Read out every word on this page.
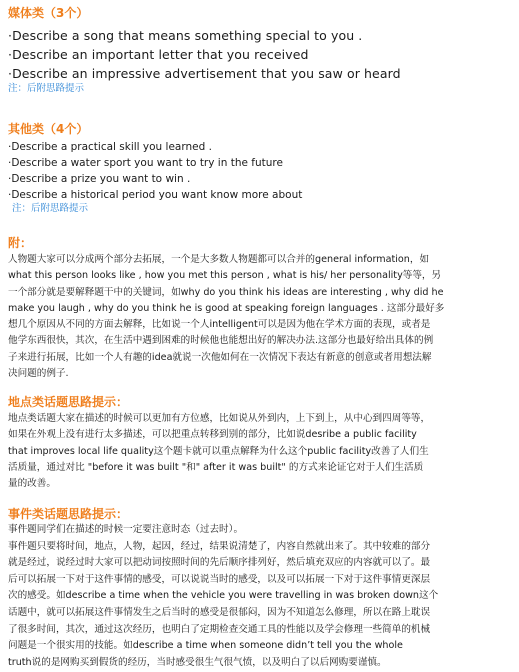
媒体类（3个）
·Describe a song that means something special to you .
·Describe an important letter that you received
·Describe an impressive advertisement that you saw or heard
注：后附思路提示
其他类（4个）
·Describe a practical skill you learned .
·Describe a water sport you want to try in the future
·Describe a prize you want to win .
·Describe a historical period you want know more about
注：后附思路提示
附：
人物题大家可以分成两个部分去拓展，一个是大多数人物题都可以合并的general information，如
what this person looks like , how you met this person , what is his/ her personality等等，另
一个部分就是要解释题干中的关键词，如why do you think his ideas are interesting , why did he
make you laugh , why do you think he is good at speaking foreign languages . 这部分最好多
想几个原因从不同的方面去解释，比如说一个人intelligent可以是因为他在学术方面的表现，或者是
他学东西很快，其次，在生活中遇到困难的时候他也能想出好的解决办法.这部分也最好给出具体的例
子来进行拓展，比如一个人有趣的idea就说一次他如何在一次情况下表达有新意的创意或者用想法解
决问题的例子.
地点类话题思路提示：
地点类话题大家在描述的时候可以更加有方位感，比如说从外到内，上下到上，从中心到四周等等，
如果在外观上没有进行太多描述，可以把重点转移到别的部分，比如说desribe a public facility
that improves local life quality这个题卡就可以重点解释为什么这个public facility改善了人们生
活质量，通过对比 "before it was built "和" after it was built" 的方式来论证它对于人们生活质
量的改善。
事件类话题思路提示：
事件题同学们在描述的时候一定要注意时态（过去时）。
事件题只要将时间，地点，人物，起因，经过，结果说清楚了，内容自然就出来了。其中较难的部分
就是经过，说经过时大家可以把动词按照时间的先后顺序排列好，然后填充双应的内容就可以了。最
后可以拓展一下对于这件事情的感受，可以说说当时的感受，以及可以拓展一下对于这件事情更深层
次的感受。如describe a time when the vehicle you were travelling in was broken down这个
话题中，就可以拓展这件事情发生之后当时的感受是很郁闷，因为不知道怎么修理，所以在路上耽误
了很多时间，其次，通过这次经历，也明白了定期检查交通工具的性能以及学会修理一些简单的机械
问题是一个很实用的技能。如describe a time when someone didn’t tell you the whole
truth说的是网购买到假货的经历，当时感受很生气很气愤，以及明白了以后网购要谨慎。
